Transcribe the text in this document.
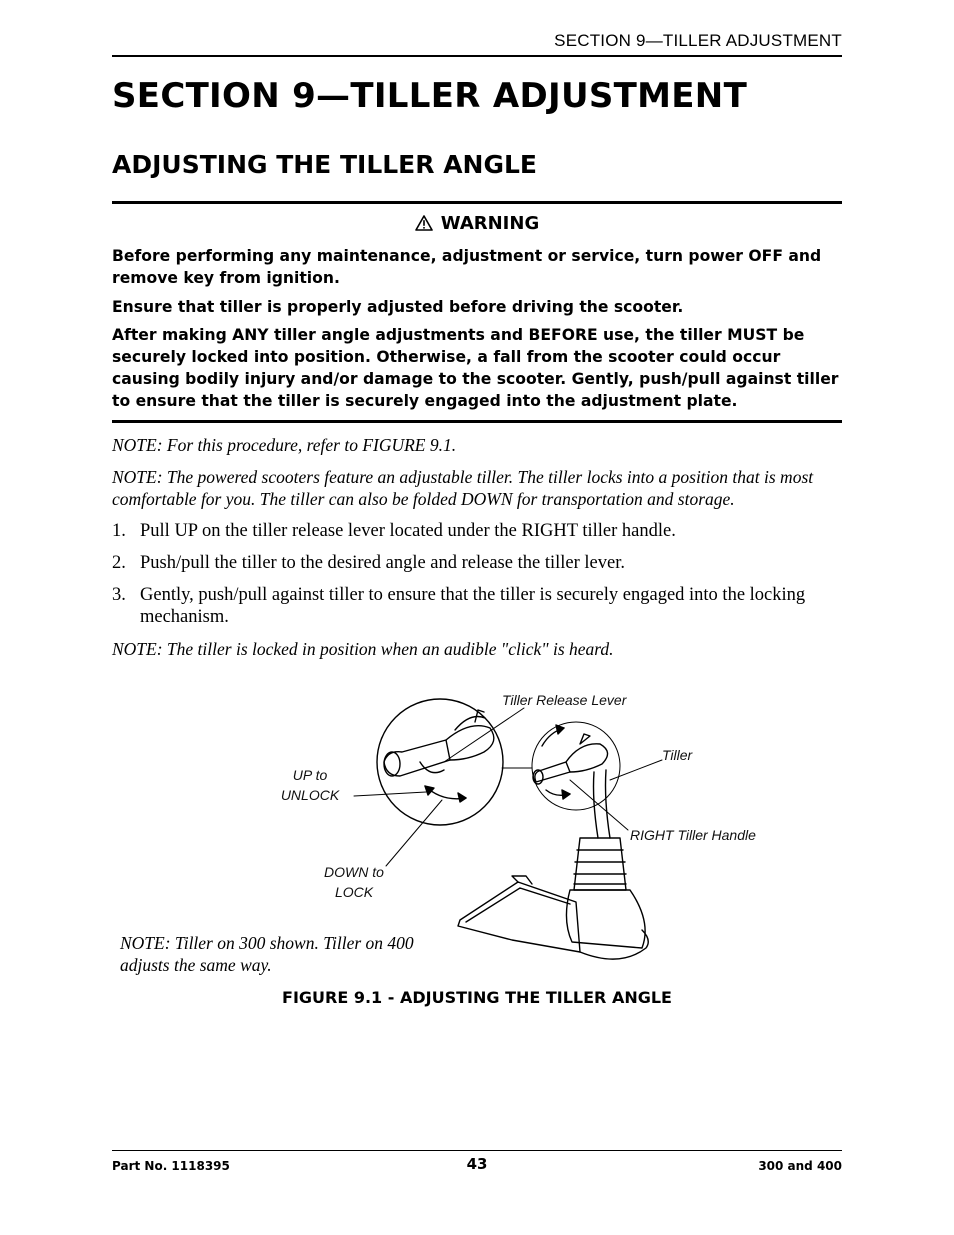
SECTION 9—TILLER ADJUSTMENT
SECTION 9—TILLER ADJUSTMENT
ADJUSTING THE TILLER ANGLE
WARNING

Before performing any maintenance, adjustment or service, turn power OFF and remove key from ignition.

Ensure that tiller is properly adjusted before driving the scooter.

After making ANY tiller angle adjustments and BEFORE use, the tiller MUST be securely locked into position. Otherwise, a fall from the scooter could occur causing bodily injury and/or damage to the scooter. Gently, push/pull against tiller to ensure that the tiller is securely engaged into the adjustment plate.

NOTE: For this procedure, refer to FIGURE 9.1.

NOTE: The powered scooters feature an adjustable tiller. The tiller locks into a position that is most comfortable for you. The tiller can also be folded DOWN for transportation and storage.

1. Pull UP on the tiller release lever located under the RIGHT tiller handle.
2. Push/pull the tiller to the desired angle and release the tiller lever.
3. Gently, push/pull against tiller to ensure that the tiller is securely engaged into the locking mechanism.

NOTE: The tiller is locked in position when an audible "click" is heard.

Tiller Release Lever
Tiller
UP to
UNLOCK
RIGHT Tiller Handle
DOWN to
LOCK

NOTE: Tiller on 300 shown. Tiller on 400 adjusts the same way.

FIGURE 9.1 - ADJUSTING THE TILLER ANGLE
Part No. 1118395	43	300 and 400
